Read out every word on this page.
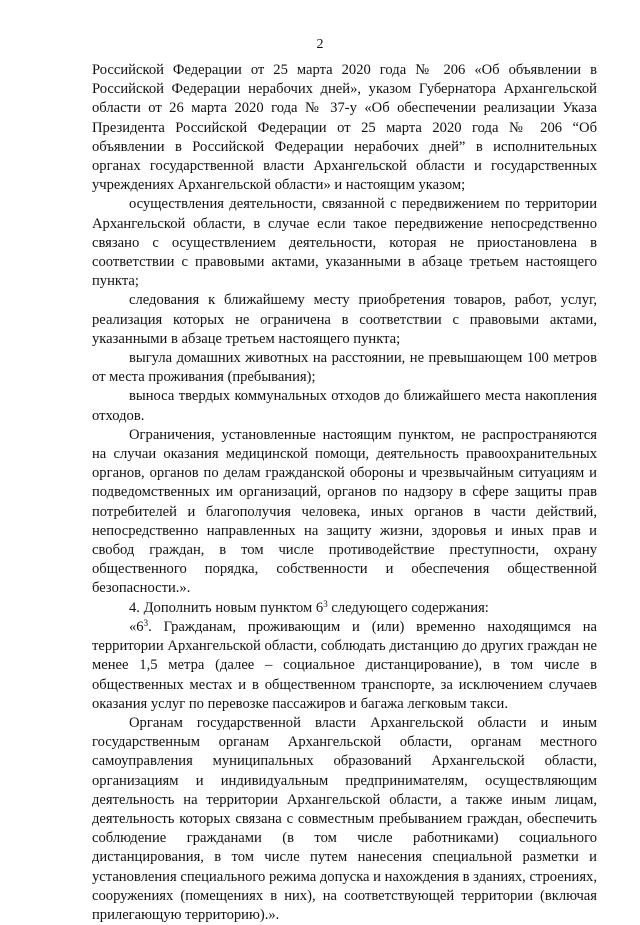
2

Российской Федерации от 25 марта 2020 года № 206 «Об объявлении в Российской Федерации нерабочих дней», указом Губернатора Архангельской области от 26 марта 2020 года № 37-у «Об обеспечении реализации Указа Президента Российской Федерации от 25 марта 2020 года № 206 “Об объявлении в Российской Федерации нерабочих дней” в исполнительных органах государственной власти Архангельской области и государственных учреждениях Архангельской области» и настоящим указом;

осуществления деятельности, связанной с передвижением по территории Архангельской области, в случае если такое передвижение непосредственно связано с осуществлением деятельности, которая не приостановлена в соответствии с правовыми актами, указанными в абзаце третьем настоящего пункта;

следования к ближайшему месту приобретения товаров, работ, услуг, реализация которых не ограничена в соответствии с правовыми актами, указанными в абзаце третьем настоящего пункта;

выгула домашних животных на расстоянии, не превышающем 100 метров от места проживания (пребывания);

выноса твердых коммунальных отходов до ближайшего места накопления отходов.

Ограничения, установленные настоящим пунктом, не распространяются на случаи оказания медицинской помощи, деятельность правоохранительных органов, органов по делам гражданской обороны и чрезвычайным ситуациям и подведомственных им организаций, органов по надзору в сфере защиты прав потребителей и благополучия человека, иных органов в части действий, непосредственно направленных на защиту жизни, здоровья и иных прав и свобод граждан, в том числе противодействие преступности, охрану общественного порядка, собственности и обеспечения общественной безопасности.».

4. Дополнить новым пунктом $6^3$ следующего содержания:

«$6^3$. Гражданам, проживающим и (или) временно находящимся на территории Архангельской области, соблюдать дистанцию до других граждан не менее 1,5 метра (далее – социальное дистанцирование), в том числе в общественных местах и в общественном транспорте, за исключением случаев оказания услуг по перевозке пассажиров и багажа легковым такси.

Органам государственной власти Архангельской области и иным государственным органам Архангельской области, органам местного самоуправления муниципальных образований Архангельской области, организациям и индивидуальным предпринимателям, осуществляющим деятельность на территории Архангельской области, а также иным лицам, деятельность которых связана с совместным пребыванием граждан, обеспечить соблюдение гражданами (в том числе работниками) социального дистанцирования, в том числе путем нанесения специальной разметки и установления специального режима допуска и нахождения в зданиях, строениях, сооружениях (помещениях в них), на соответствующей территории (включая прилегающую территорию).».
